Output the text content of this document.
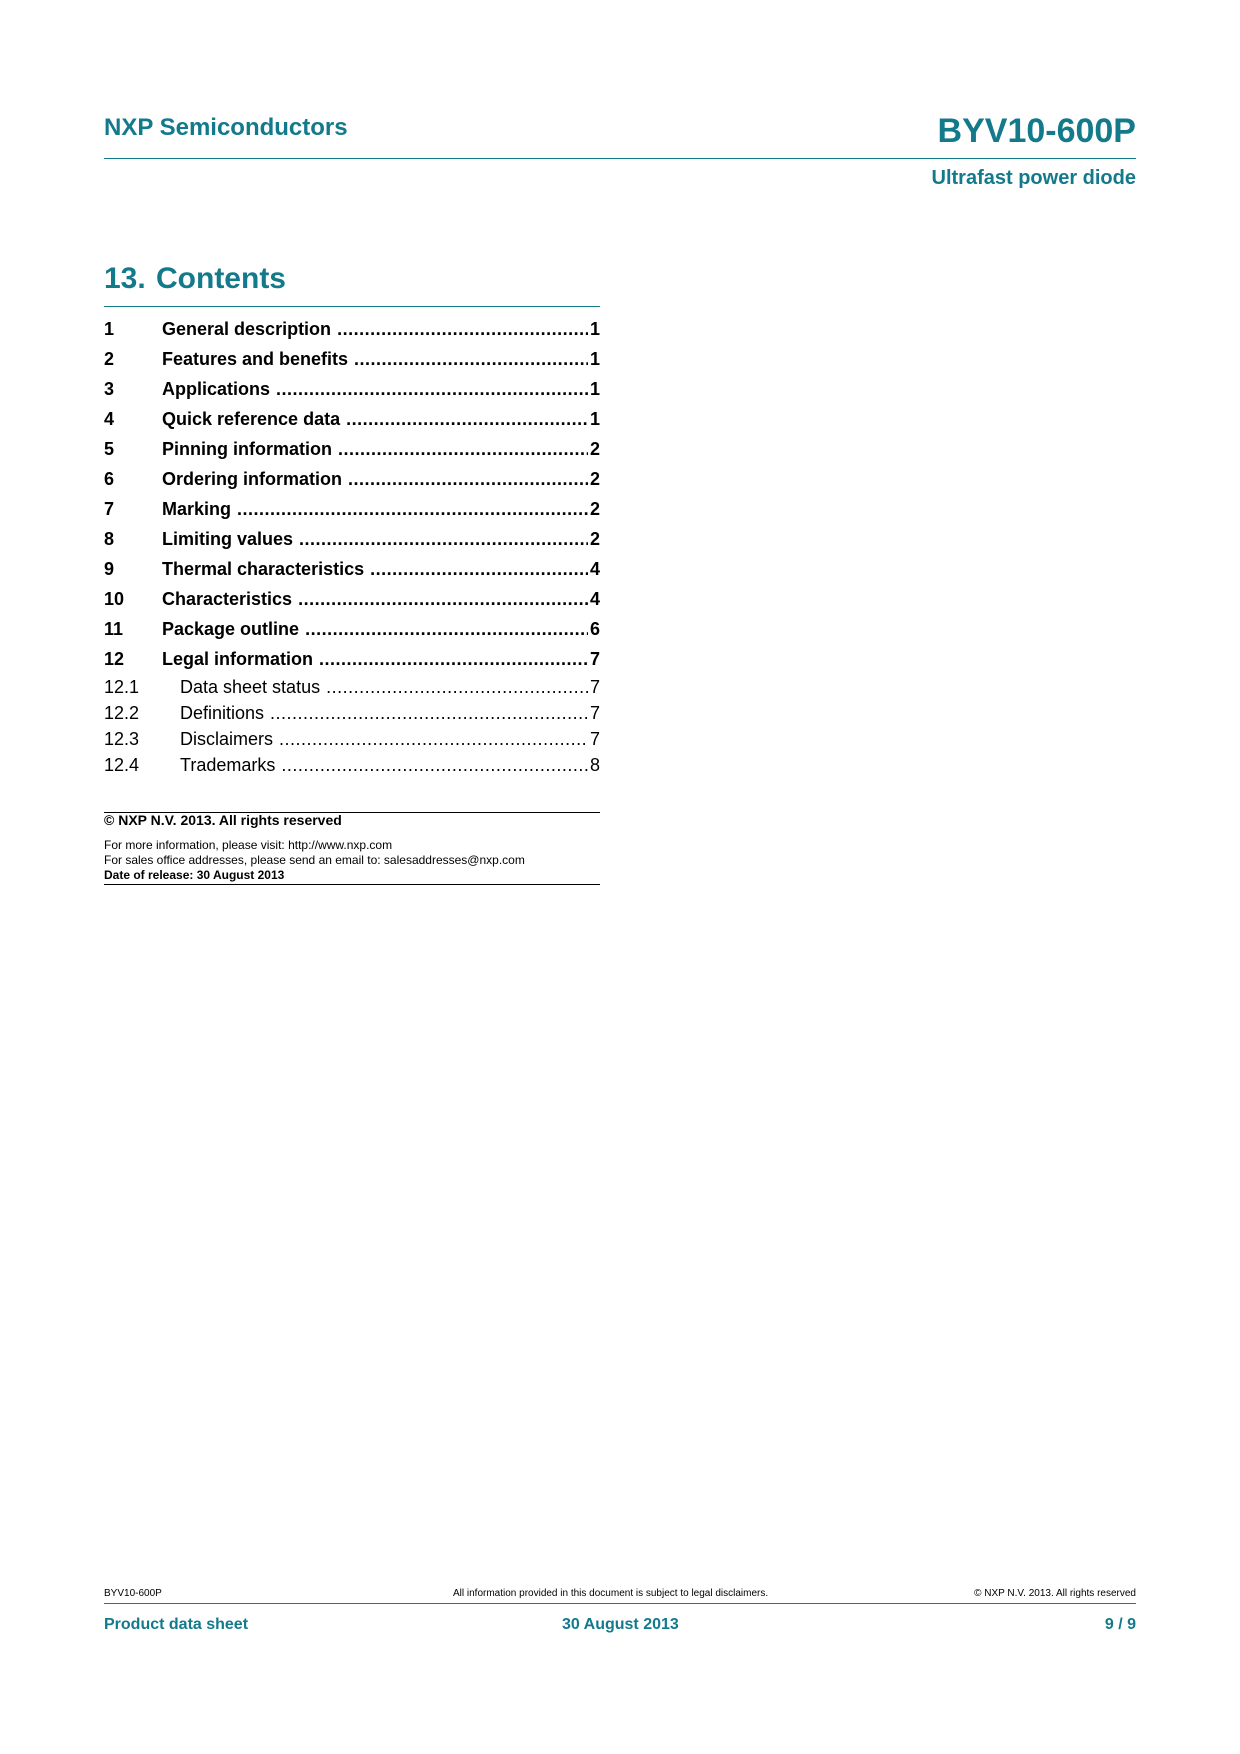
NXP Semiconductors	BYV10-600P
Ultrafast power diode
13. Contents
1	General description .....	1
2	Features and benefits .....	1
3	Applications .....	1
4	Quick reference data .....	1
5	Pinning information .....	2
6	Ordering information .....	2
7	Marking .....	2
8	Limiting values .....	2
9	Thermal characteristics .....	4
10	Characteristics .....	4
11	Package outline .....	6
12	Legal information .....	7
12.1	Data sheet status .....	7
12.2	Definitions .....	7
12.3	Disclaimers .....	7
12.4	Trademarks .....	8
© NXP N.V. 2013. All rights reserved
For more information, please visit: http://www.nxp.com
For sales office addresses, please send an email to: salesaddresses@nxp.com
Date of release: 30 August 2013
BYV10-600P	All information provided in this document is subject to legal disclaimers.	© NXP N.V. 2013. All rights reserved
Product data sheet	30 August 2013	9 / 9
